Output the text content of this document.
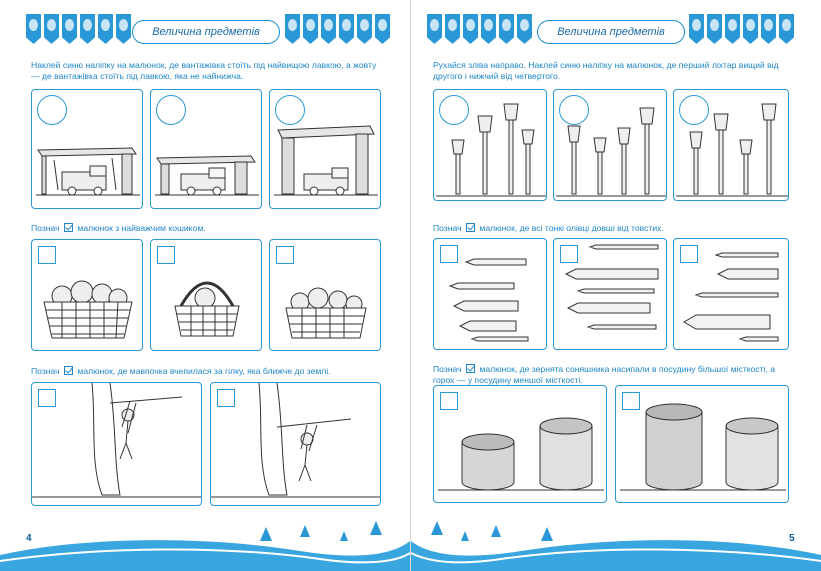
Величина предметів
Наклей синю наліпку на малюнок, де вантажівка стоїть під найвищою лавкою, а жовту — де вантажівка стоїть під лавкою, яка не найнижча.
Познач малюнок з найважчим кошиком.
Познач малюнок, де мавпочка вчепилася за гілку, яка ближче до землі.
4
Величина предметів
Рухайся зліва направо. Наклей синю наліпку на малюнок, де перший ліхтар вищий від другого і нижчий від четвертого.
Познач малюнок, де всі тонкі олівці довші від товстих.
Познач малюнок, де зернята соняшника насипали в посудину більшої місткості, а горох — у посудину меншої місткості.
5
